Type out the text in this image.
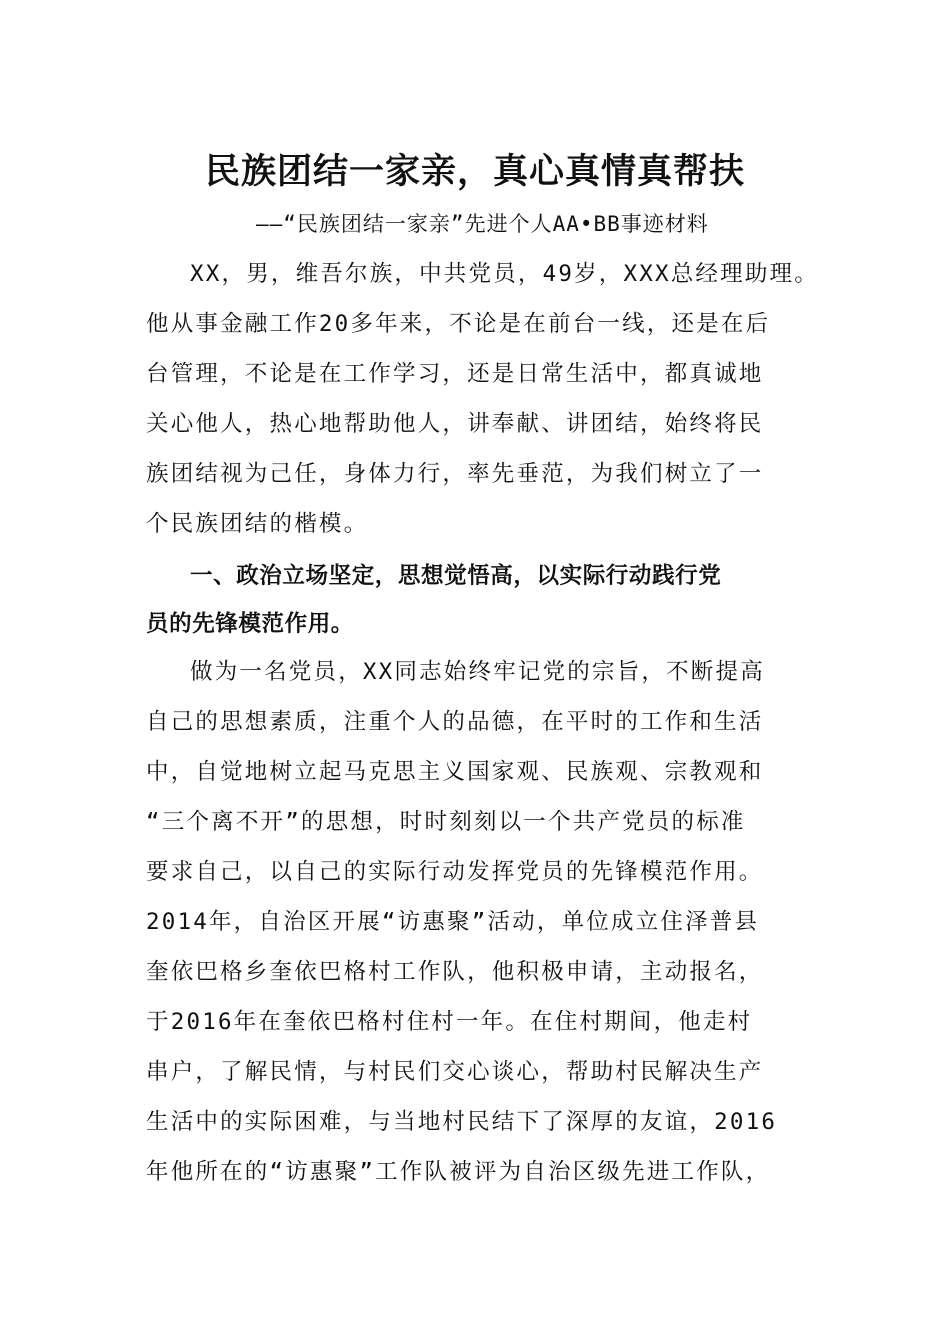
民族团结一家亲，真心真情真帮扶
——“民族团结一家亲”先进个人AA•BB事迹材料
XX，男，维吾尔族，中共党员，49岁，XXX总经理助理。
他从事金融工作20多年来，不论是在前台一线，还是在后
台管理，不论是在工作学习，还是日常生活中，都真诚地
关心他人，热心地帮助他人，讲奉献、讲团结，始终将民
族团结视为己任，身体力行，率先垂范，为我们树立了一
个民族团结的楷模。
一、政治立场坚定，思想觉悟高，以实际行动践行党
员的先锋模范作用。
做为一名党员，XX同志始终牢记党的宗旨，不断提高
自己的思想素质，注重个人的品德，在平时的工作和生活
中，自觉地树立起马克思主义国家观、民族观、宗教观和
“三个离不开”的思想，时时刻刻以一个共产党员的标准
要求自己，以自己的实际行动发挥党员的先锋模范作用。
2014年，自治区开展“访惠聚”活动，单位成立住泽普县
奎依巴格乡奎依巴格村工作队，他积极申请，主动报名，
于2016年在奎依巴格村住村一年。在住村期间，他走村
串户，了解民情，与村民们交心谈心，帮助村民解决生产
生活中的实际困难，与当地村民结下了深厚的友谊，2016
年他所在的“访惠聚”工作队被评为自治区级先进工作队，
